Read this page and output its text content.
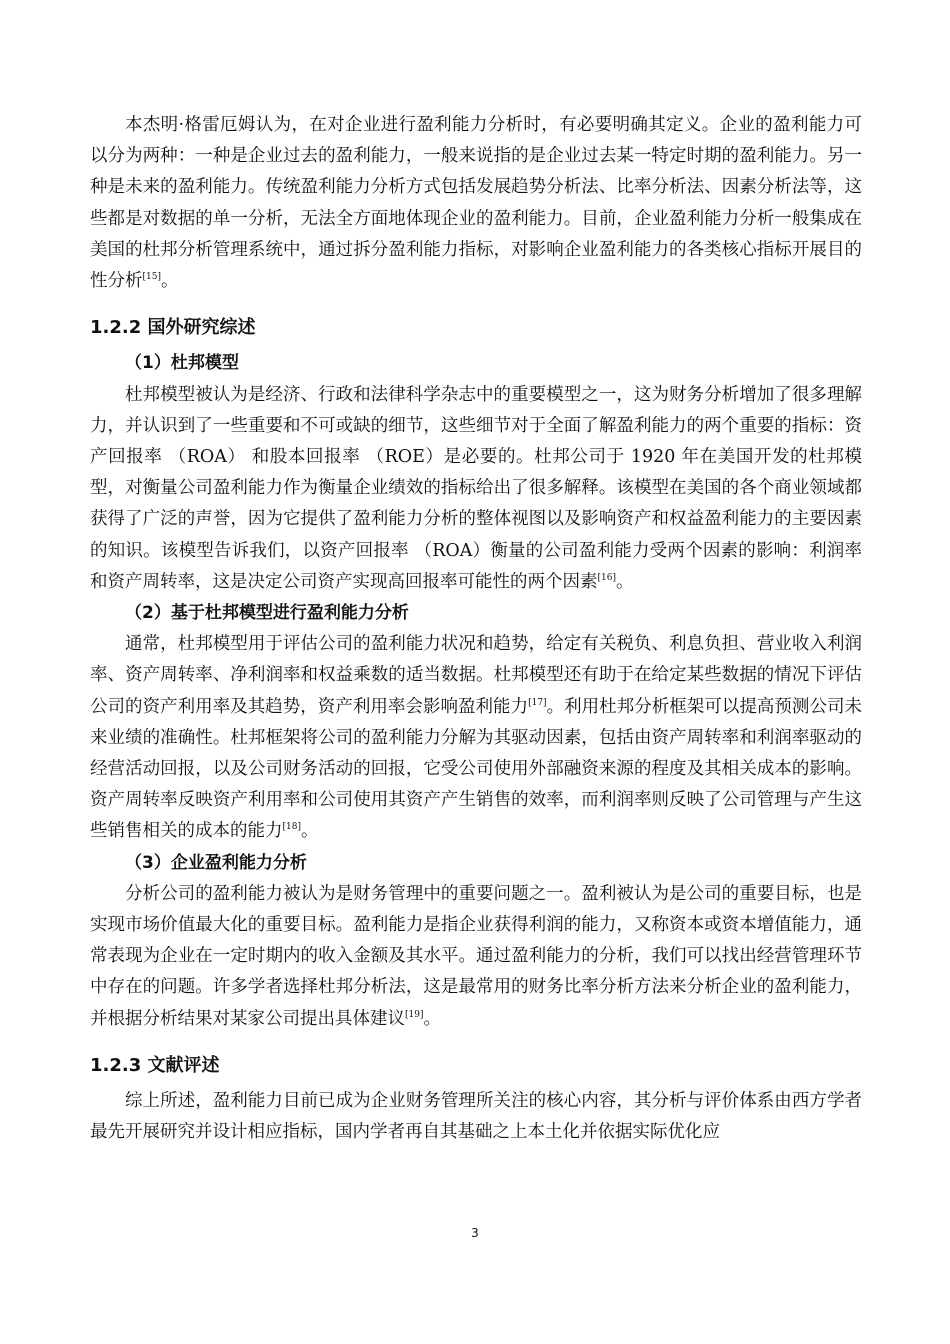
本杰明·格雷厄姆认为，在对企业进行盈利能力分析时，有必要明确其定义。企业的盈利能力可以分为两种：一种是企业过去的盈利能力，一般来说指的是企业过去某一特定时期的盈利能力。另一种是未来的盈利能力。传统盈利能力分析方式包括发展趋势分析法、比率分析法、因素分析法等，这些都是对数据的单一分析，无法全方面地体现企业的盈利能力。目前，企业盈利能力分析一般集成在美国的杜邦分析管理系统中，通过拆分盈利能力指标，对影响企业盈利能力的各类核心指标开展目的性分析[15]。

1.2.2 国外研究综述
（1）杜邦模型

杜邦模型被认为是经济、行政和法律科学杂志中的重要模型之一，这为财务分析增加了很多理解力，并认识到了一些重要和不可或缺的细节，这些细节对于全面了解盈利能力的两个重要的指标：资产回报率 （ROA） 和股本回报率 （ROE）是必要的。杜邦公司于 1920 年在美国开发的杜邦模型，对衡量公司盈利能力作为衡量企业绩效的指标给出了很多解释。该模型在美国的各个商业领域都获得了广泛的声誉，因为它提供了盈利能力分析的整体视图以及影响资产和权益盈利能力的主要因素的知识。该模型告诉我们，以资产回报率 （ROA）衡量的公司盈利能力受两个因素的影响：利润率和资产周转率，这是决定公司资产实现高回报率可能性的两个因素[16]。

（2）基于杜邦模型进行盈利能力分析

通常，杜邦模型用于评估公司的盈利能力状况和趋势，给定有关税负、利息负担、营业收入利润率、资产周转率、净利润率和权益乘数的适当数据。杜邦模型还有助于在给定某些数据的情况下评估公司的资产利用率及其趋势，资产利用率会影响盈利能力[17]。利用杜邦分析框架可以提高预测公司未来业绩的准确性。杜邦框架将公司的盈利能力分解为其驱动因素，包括由资产周转率和利润率驱动的经营活动回报，以及公司财务活动的回报，它受公司使用外部融资来源的程度及其相关成本的影响。资产周转率反映资产利用率和公司使用其资产产生销售的效率，而利润率则反映了公司管理与产生这些销售相关的成本的能力[18]。

（3）企业盈利能力分析

分析公司的盈利能力被认为是财务管理中的重要问题之一。盈利被认为是公司的重要目标，也是实现市场价值最大化的重要目标。盈利能力是指企业获得利润的能力，又称资本或资本增值能力，通常表现为企业在一定时期内的收入金额及其水平。通过盈利能力的分析，我们可以找出经营管理环节中存在的问题。许多学者选择杜邦分析法，这是最常用的财务比率分析方法来分析企业的盈利能力，并根据分析结果对某家公司提出具体建议[19]。

1.2.3 文献评述

综上所述，盈利能力目前已成为企业财务管理所关注的核心内容，其分析与评价体系由西方学者最先开展研究并设计相应指标，国内学者再自其基础之上本土化并依据实际优化应

3
